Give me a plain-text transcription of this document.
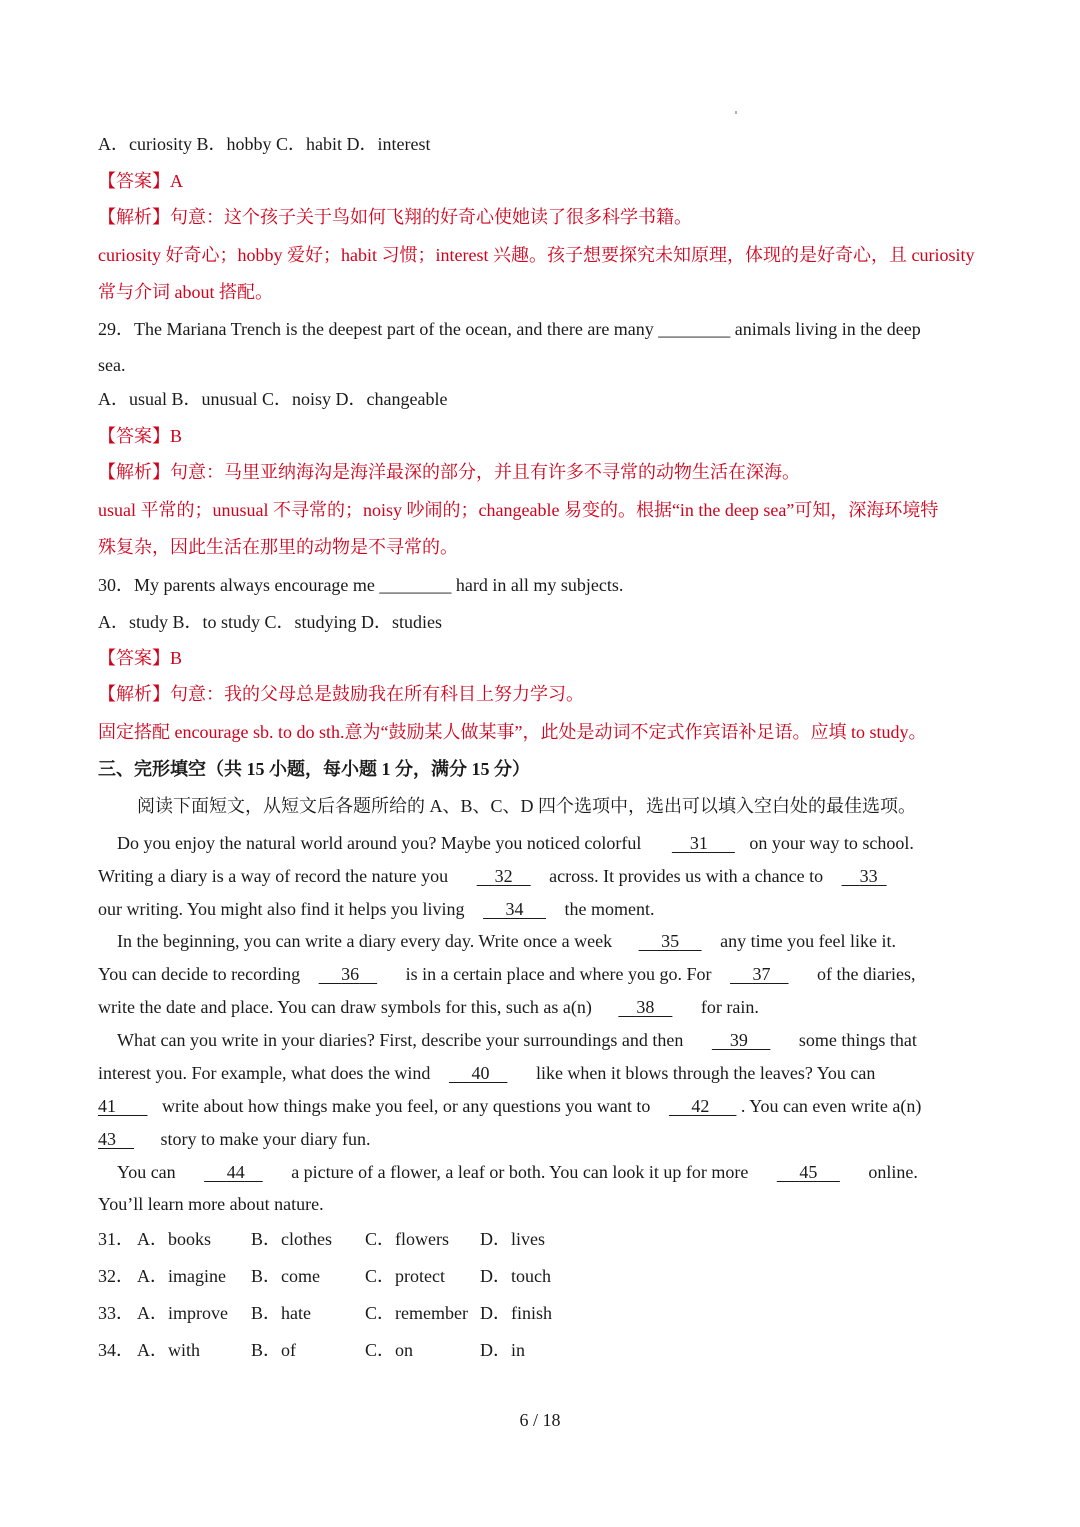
A．curiosity B．hobby C．habit D．interest
【答案】A
【解析】句意：这个孩子关于鸟如何飞翔的好奇心使她读了很多科学书籍。
curiosity 好奇心；hobby 爱好；habit 习惯；interest 兴趣。孩子想要探究未知原理，体现的是好奇心，且 curiosity
常与介词 about 搭配。
29．The Mariana Trench is the deepest part of the ocean, and there are many ________ animals living in the deep
sea.
A．usual B．unusual C．noisy D．changeable
【答案】B
【解析】句意：马里亚纳海沟是海洋最深的部分，并且有许多不寻常的动物生活在深海。
usual 平常的；unusual 不寻常的；noisy 吵闹的；changeable 易变的。根据“in the deep sea”可知，深海环境特
殊复杂，因此生活在那里的动物是不寻常的。
30．My parents always encourage me ________ hard in all my subjects.
A．study B．to study C．studying D．studies
【答案】B
【解析】句意：我的父母总是鼓励我在所有科目上努力学习。
固定搭配 encourage sb. to do sth.意为“鼓励某人做某事”，此处是动词不定式作宾语补足语。应填 to study。
三、完形填空（共 15 小题，每小题 1 分，满分 15 分）
阅读下面短文，从短文后各题所给的 A、B、C、D 四个选项中，选出可以填入空白处的最佳选项。
Do you enjoy the natural world around you? Maybe you noticed colorful	31 on your way to school.
Writing a diary is a way of record the nature you	32 across. It provides us with a chance to 33
our writing. You might also find it helps you living 34 the moment.
In the beginning, you can write a diary every day. Write once a week	35 any time you feel like it.
You can decide to recording 36	is in a certain place and where you go. For 37	of the diaries,
write the date and place. You can draw symbols for this, such as a(n) 38	for rain.
What can you write in your diaries? First, describe your surroundings and then	39	some things that
interest you. For example, what does the wind 40	like when it blows through the leaves? You can
41	write about how things make you feel, or any questions you want to 42 . You can even write a(n)
43 story to make your diary fun.
You can	44	a picture of a flower, a leaf or both. You can look it up for more	45	online.
You’ll learn more about nature.
31． A．books B．clothes C．flowers D．lives
32． A．imagine B．come	C．protect D．touch
33． A．improve B．hate	C．remember D．finish
34． A．with	B．of	C．on	D．in
6 / 18
